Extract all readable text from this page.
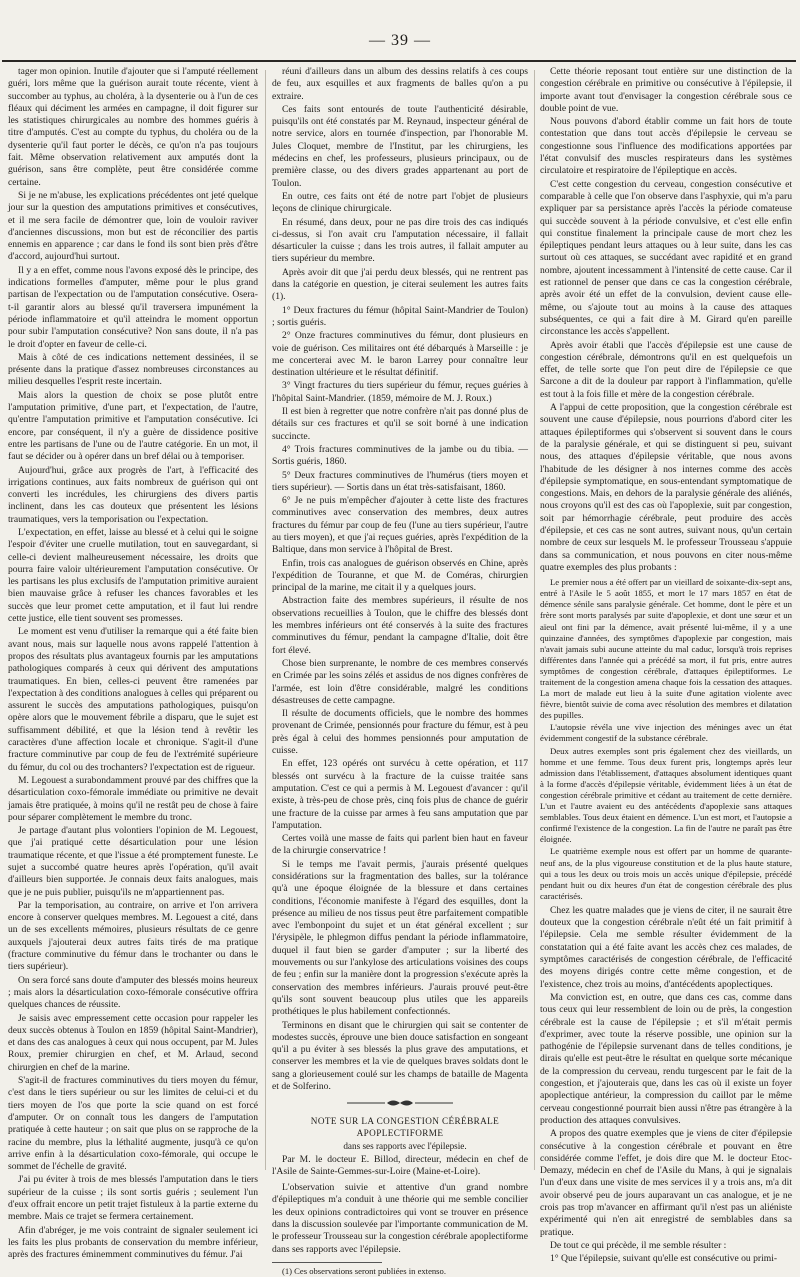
— 39 —

tager mon opinion. Inutile d'ajouter que si l'amputé réellement guéri, lors même que la guérison aurait toute récente, vient à succomber au typhus, au choléra, à la dysenterie ou à l'un de ces fléaux qui déciment les armées en campagne, il doit figurer sur les statistiques chirurgicales au nombre des hommes guéris à titre d'amputés. C'est au compte du typhus, du choléra ou de la dysenterie qu'il faut porter le décès, ce qu'on n'a pas toujours fait. Même observation relativement aux amputés dont la guérison, sans être complète, peut être considérée comme certaine.

Si je ne m'abuse, les explications précédentes ont jeté quelque jour sur la question des amputations primitives et consécutives, et il me sera facile de démontrer que, loin de vouloir raviver d'anciennes discussions, mon but est de réconcilier des partis ennemis en apparence ; car dans le fond ils sont bien près d'être d'accord, aujourd'hui surtout.

Il y a en effet, comme nous l'avons exposé dès le principe, des indications formelles d'amputer, même pour le plus grand partisan de l'expectation ou de l'amputation consécutive. Osera-t-il garantir alors au blessé qu'il traversera impunément la période inflammatoire et qu'il atteindra le moment opportun pour subir l'amputation consécutive? Non sans doute, il n'a pas le droit d'opter en faveur de celle-ci.

Mais à côté de ces indications nettement dessinées, il se présente dans la pratique d'assez nombreuses circonstances au milieu desquelles l'esprit reste incertain.

Mais alors la question de choix se pose plutôt entre l'amputation primitive, d'une part, et l'expectation, de l'autre, qu'entre l'amputation primitive et l'amputation consécutive. Ici encore, par conséquent, il n'y a guère de dissidence positive entre les partisans de l'une ou de l'autre catégorie. En un mot, il faut se décider ou à opérer dans un bref délai ou à temporiser.

Aujourd'hui, grâce aux progrès de l'art, à l'efficacité des irrigations continues, aux faits nombreux de guérison qui ont converti les incrédules, les chirurgiens des divers partis inclinent, dans les cas douteux que présentent les lésions traumatiques, vers la temporisation ou l'expectation.

L'expectation, en effet, laisse au blessé et à celui qui le soigne l'espoir d'éviter une cruelle mutilation, tout en sauvegardant, si celle-ci devient malheureusement nécessaire, les droits que pourra faire valoir ultérieurement l'amputation consécutive. Or les partisans les plus exclusifs de l'amputation primitive auraient bien mauvaise grâce à refuser les chances favorables et les succès que leur promet cette amputation, et il faut lui rendre cette justice, elle tient souvent ses promesses.

Le moment est venu d'utiliser la remarque qui a été faite bien avant nous, mais sur laquelle nous avons rappelé l'attention à propos des résultats plus avantageux fournis par les amputations pathologiques comparés à ceux qui dérivent des amputations traumatiques. En bien, celles-ci peuvent être ramenées par l'expectation à des conditions analogues à celles qui préparent ou assurent le succès des amputations pathologiques, puisqu'on opère alors que le mouvement fébrile a disparu, que le sujet est suffisamment débilité, et que la lésion tend à revêtir les caractères d'une affection locale et chronique. S'agit-il d'une fracture comminutive par coup de feu de l'extrémité supérieure du fémur, du col ou des trochanters? l'expectation est de rigueur.

M. Legouest a surabondamment prouvé par des chiffres que la désarticulation coxo-fémorale immédiate ou primitive ne devait jamais être pratiquée, à moins qu'il ne restât peu de chose à faire pour séparer complètement le membre du tronc.

Je partage d'autant plus volontiers l'opinion de M. Legouest, que j'ai pratiqué cette désarticulation pour une lésion traumatique récente, et que l'issue a été promptement funeste. Le sujet a succombé quatre heures après l'opération, qu'il avait d'ailleurs bien supportée. Je connais deux faits analogues, mais que je ne puis publier, puisqu'ils ne m'appartiennent pas.

Par la temporisation, au contraire, on arrive et l'on arrivera encore à conserver quelques membres. M. Legouest a cité, dans un de ses excellents mémoires, plusieurs résultats de ce genre auxquels j'ajouterai deux autres faits tirés de ma pratique (fracture comminutive du fémur dans le trochanter ou dans le tiers supérieur).

On sera forcé sans doute d'amputer des blessés moins heureux ; mais alors la désarticulation coxo-fémorale consécutive offrira quelques chances de réussite.

Je saisis avec empressement cette occasion pour rappeler les deux succès obtenus à Toulon en 1859 (hôpital Saint-Mandrier), et dans des cas analogues à ceux qui nous occupent, par M. Jules Roux, premier chirurgien en chef, et M. Arlaud, second chirurgien en chef de la marine.

S'agit-il de fractures comminutives du tiers moyen du fémur, c'est dans le tiers supérieur ou sur les limites de celui-ci et du tiers moyen de l'os que porte la scie quand on est forcé d'amputer. Or on connaît tous les dangers de l'amputation pratiquée à cette hauteur ; on sait que plus on se rapproche de la racine du membre, plus la léthalité augmente, jusqu'à ce qu'on arrive enfin à la désarticulation coxo-fémorale, qui occupe le sommet de l'échelle de gravité.

J'ai pu éviter à trois de mes blessés l'amputation dans le tiers supérieur de la cuisse ; ils sont sortis guéris ; seulement l'un d'eux offrait encore un petit trajet fistuleux à la partie externe du membre. Mais ce trajet se fermera certainement.

Afin d'abréger, je me vois contraint de signaler seulement ici les faits les plus probants de conservation du membre inférieur, après des fractures éminemment comminutives du fémur. J'ai

réuni d'ailleurs dans un album des dessins relatifs à ces coups de feu, aux esquilles et aux fragments de balles qu'on a pu extraire.

Ces faits sont entourés de toute l'authenticité désirable, puisqu'ils ont été constatés par M. Reynaud, inspecteur général de notre service, alors en tournée d'inspection, par l'honorable M. Jules Cloquet, membre de l'Institut, par les chirurgiens, les médecins en chef, les professeurs, plusieurs principaux, ou de première classe, ou des divers grades appartenant au port de Toulon.

En outre, ces faits ont été de notre part l'objet de plusieurs leçons de clinique chirurgicale.

En résumé, dans deux, pour ne pas dire trois des cas indiqués ci-dessus, si l'on avait cru l'amputation nécessaire, il fallait désarticuler la cuisse ; dans les trois autres, il fallait amputer au tiers supérieur du membre.

Après avoir dit que j'ai perdu deux blessés, qui ne rentrent pas dans la catégorie en question, je citerai seulement les autres faits (1).

1° Deux fractures du fémur (hôpital Saint-Mandrier de Toulon) ; sortis guéris.

2° Onze fractures comminutives du fémur, dont plusieurs en voie de guérison. Ces militaires ont été débarqués à Marseille : je me concerterai avec M. le baron Larrey pour connaître leur destination ultérieure et le résultat définitif.

3° Vingt fractures du tiers supérieur du fémur, reçues guéries à l'hôpital Saint-Mandrier. (1859, mémoire de M. J. Roux.)

Il est bien à regretter que notre confrère n'ait pas donné plus de détails sur ces fractures et qu'il se soit borné à une indication succincte.

4° Trois fractures comminutives de la jambe ou du tibia. — Sortis guéris, 1860.

5° Deux fractures comminutives de l'humérus (tiers moyen et tiers supérieur). — Sortis dans un état très-satisfaisant, 1860.

6° Je ne puis m'empêcher d'ajouter à cette liste des fractures comminutives avec conservation des membres, deux autres fractures du fémur par coup de feu (l'une au tiers supérieur, l'autre au tiers moyen), et que j'ai reçues guéries, après l'expédition de la Baltique, dans mon service à l'hôpital de Brest.

Enfin, trois cas analogues de guérison observés en Chine, après l'expédition de Touranne, et que M. de Coméras, chirurgien principal de la marine, me citait il y a quelques jours.

Abstraction faite des membres supérieurs, il résulte de nos observations recueillies à Toulon, que le chiffre des blessés dont les membres inférieurs ont été conservés à la suite des fractures comminutives du fémur, pendant la campagne d'Italie, doit être fort élevé.

Chose bien surprenante, le nombre de ces membres conservés en Crimée par les soins zélés et assidus de nos dignes confrères de l'armée, est loin d'être considérable, malgré les conditions désastreuses de cette campagne.

Il résulte de documents officiels, que le nombre des hommes provenant de Crimée, pensionnés pour fracture du fémur, est à peu près égal à celui des hommes pensionnés pour amputation de cuisse.

En effet, 123 opérés ont survécu à cette opération, et 117 blessés ont survécu à la fracture de la cuisse traitée sans amputation. C'est ce qui a permis à M. Legouest d'avancer : qu'il existe, à très-peu de chose près, cinq fois plus de chance de guérir une fracture de la cuisse par armes à feu sans amputation que par l'amputation.

Certes voilà une masse de faits qui parlent bien haut en faveur de la chirurgie conservatrice !

Si le temps me l'avait permis, j'aurais présenté quelques considérations sur la fragmentation des balles, sur la tolérance qu'à une époque éloignée de la blessure et dans certaines conditions, l'économie manifeste à l'égard des esquilles, dont la présence au milieu de nos tissus peut être parfaitement compatible avec l'embonpoint du sujet et un état général excellent ; sur l'érysipèle, le phlegmon diffus pendant la période inflammatoire, duquel il faut bien se garder d'amputer ; sur la liberté des mouvements ou sur l'ankylose des articulations voisines des coups de feu ; enfin sur la manière dont la progression s'exécute après la conservation des membres inférieurs. J'aurais prouvé peut-être qu'ils sont souvent beaucoup plus utiles que les appareils prothétiques le plus habilement confectionnés.

Terminons en disant que le chirurgien qui sait se contenter de modestes succès, éprouve une bien douce satisfaction en songeant qu'il a pu éviter à ses blessés la plus grave des amputations, et conserver les membres et la vie de quelques braves soldats dont le sang a glorieusement coulé sur les champs de bataille de Magenta et de Solferino.

NOTE SUR LA CONGESTION CÉRÉBRALE APOPLECTIFORME

dans ses rapports avec l'épilepsie.

Par M. le docteur E. Billod, directeur, médecin en chef de l'Asile de Sainte-Gemmes-sur-Loire (Maine-et-Loire).

L'observation suivie et attentive d'un grand nombre d'épileptiques m'a conduit à une théorie qui me semble concilier les deux opinions contradictoires qui vont se trouver en présence dans la discussion soulevée par l'importante communication de M. le professeur Trousseau sur la congestion cérébrale apoplectiforme dans ses rapports avec l'épilepsie.

(1) Ces observations seront publiées in extenso.

Cette théorie reposant tout entière sur une distinction de la congestion cérébrale en primitive ou consécutive à l'épilepsie, il importe avant tout d'envisager la congestion cérébrale sous ce double point de vue.

Nous pouvons d'abord établir comme un fait hors de toute contestation que dans tout accès d'épilepsie le cerveau se congestionne sous l'influence des modifications apportées par l'état convulsif des muscles respirateurs dans les systèmes circulatoire et respiratoire de l'épileptique en accès.

C'est cette congestion du cerveau, congestion consécutive et comparable à celle que l'on observe dans l'asphyxie, qui m'a paru expliquer par sa persistance après l'accès la période comateuse qui succède souvent à la période convulsive, et c'est elle enfin qui constitue finalement la principale cause de mort chez les épileptiques pendant leurs attaques ou à leur suite, dans les cas surtout où ces attaques, se succédant avec rapidité et en grand nombre, ajoutent incessamment à l'intensité de cette cause. Car il est rationnel de penser que dans ce cas la congestion cérébrale, après avoir été un effet de la convulsion, devient cause elle-même, ou s'ajoute tout au moins à la cause des attaques subséquentes, ce qui a fait dire à M. Girard qu'en pareille circonstance les accès s'appellent.

Après avoir établi que l'accès d'épilepsie est une cause de congestion cérébrale, démontrons qu'il en est quelquefois un effet, de telle sorte que l'on peut dire de l'épilepsie ce que Sarcone a dit de la douleur par rapport à l'inflammation, qu'elle est tout à la fois fille et mère de la congestion cérébrale.

A l'appui de cette proposition, que la congestion cérébrale est souvent une cause d'épilepsie, nous pourrions d'abord citer les attaques épileptiformes qui s'observent si souvent dans le cours de la paralysie générale, et qui se distinguent si peu, suivant nous, des attaques d'épilepsie véritable, que nous avons l'habitude de les désigner à nos internes comme des accès d'épilepsie symptomatique, en sous-entendant symptomatique de congestions. Mais, en dehors de la paralysie générale des aliénés, nous croyons qu'il est des cas où l'apoplexie, suit par congestion, soit par hémorrhagie cérébrale, peut produire des accès d'épilepsie, et ces cas ne sont autres, suivant nous, qu'un certain nombre de ceux sur lesquels M. le professeur Trousseau s'appuie dans sa communication, et nous pouvons en citer nous-même quatre exemples des plus probants :

Le premier nous a été offert par un vieillard de soixante-dix-sept ans, entré à l'Asile le 5 août 1855, et mort le 17 mars 1857 en état de démence sénile sans paralysie générale. Cet homme, dont le père et un frère sont morts paralysés par suite d'apoplexie, et dont une sœur et un aïeul ont fini par la démence, avait présenté lui-même, il y a une quinzaine d'années, des symptômes d'apoplexie par congestion, mais n'avait jamais subi aucune atteinte du mal caduc, lorsqu'à trois reprises différentes dans l'année qui a précédé sa mort, il fut pris, entre autres symptômes de congestion cérébrale, d'attaques épileptiformes. Le traitement de la congestion amena chaque fois la cessation des attaques. La mort de malade eut lieu à la suite d'une agitation violente avec fièvre, bientôt suivie de coma avec résolution des membres et dilatation des pupilles.

L'autopsie révéla une vive injection des méninges avec un état évidemment congestif de la substance cérébrale.

Deux autres exemples sont pris également chez des vieillards, un homme et une femme. Tous deux furent pris, longtemps après leur admission dans l'établissement, d'attaques absolument identiques quant à la forme d'accès d'épilepsie véritable, évidemment liées à un état de congestion cérébrale primitive et cédant au traitement de cette dernière. L'un et l'autre avaient eu des antécédents d'apoplexie sans attaques semblables. Tous deux étaient en démence. L'un est mort, et l'autopsie a confirmé l'existence de la congestion. La fin de l'autre ne paraît pas être éloignée.

Le quatrième exemple nous est offert par un homme de quarante-neuf ans, de la plus vigoureuse constitution et de la plus haute stature, qui a tous les deux ou trois mois un accès unique d'épilepsie, précédé pendant huit ou dix heures d'un état de congestion cérébrale des plus caractérisés.

Chez les quatre malades que je viens de citer, il ne saurait être douteux que la congestion cérébrale n'eût été un fait primitif à l'épilepsie. Cela me semble résulter évidemment de la constatation qui a été faite avant les accès chez ces malades, de symptômes caractérisés de congestion cérébrale, de l'efficacité des moyens dirigés contre cette même congestion, et de l'existence, chez trois au moins, d'antécédents apoplectiques.

Ma conviction est, en outre, que dans ces cas, comme dans tous ceux qui leur ressemblent de loin ou de près, la congestion cérébrale est la cause de l'épilepsie ; et s'il m'était permis d'exprimer, avec toute la réserve possible, une opinion sur la pathogénie de l'épilepsie survenant dans de telles conditions, je dirais qu'elle est peut-être le résultat en quelque sorte mécanique de la compression du cerveau, rendu turgescent par le fait de la congestion, et j'ajouterais que, dans les cas où il existe un foyer apoplectique antérieur, la compression du caillot par le même cerveau congestionné pourrait bien aussi n'être pas étrangère à la production des attaques convulsives.

A propos des quatre exemples que je viens de citer d'épilepsie consécutive à la congestion cérébrale et pouvant en être considérée comme l'effet, je dois dire que M. le docteur Etoc-Demazy, médecin en chef de l'Asile du Mans, à qui je signalais l'un d'eux dans une visite de mes services il y a trois ans, m'a dit avoir observé peu de jours auparavant un cas analogue, et je ne crois pas trop m'avancer en affirmant qu'il n'est pas un aliéniste expérimenté qui n'en ait enregistré de semblables dans sa pratique.

De tout ce qui précède, il me semble résulter :

1° Que l'épilepsie, suivant qu'elle est consécutive ou primi-
